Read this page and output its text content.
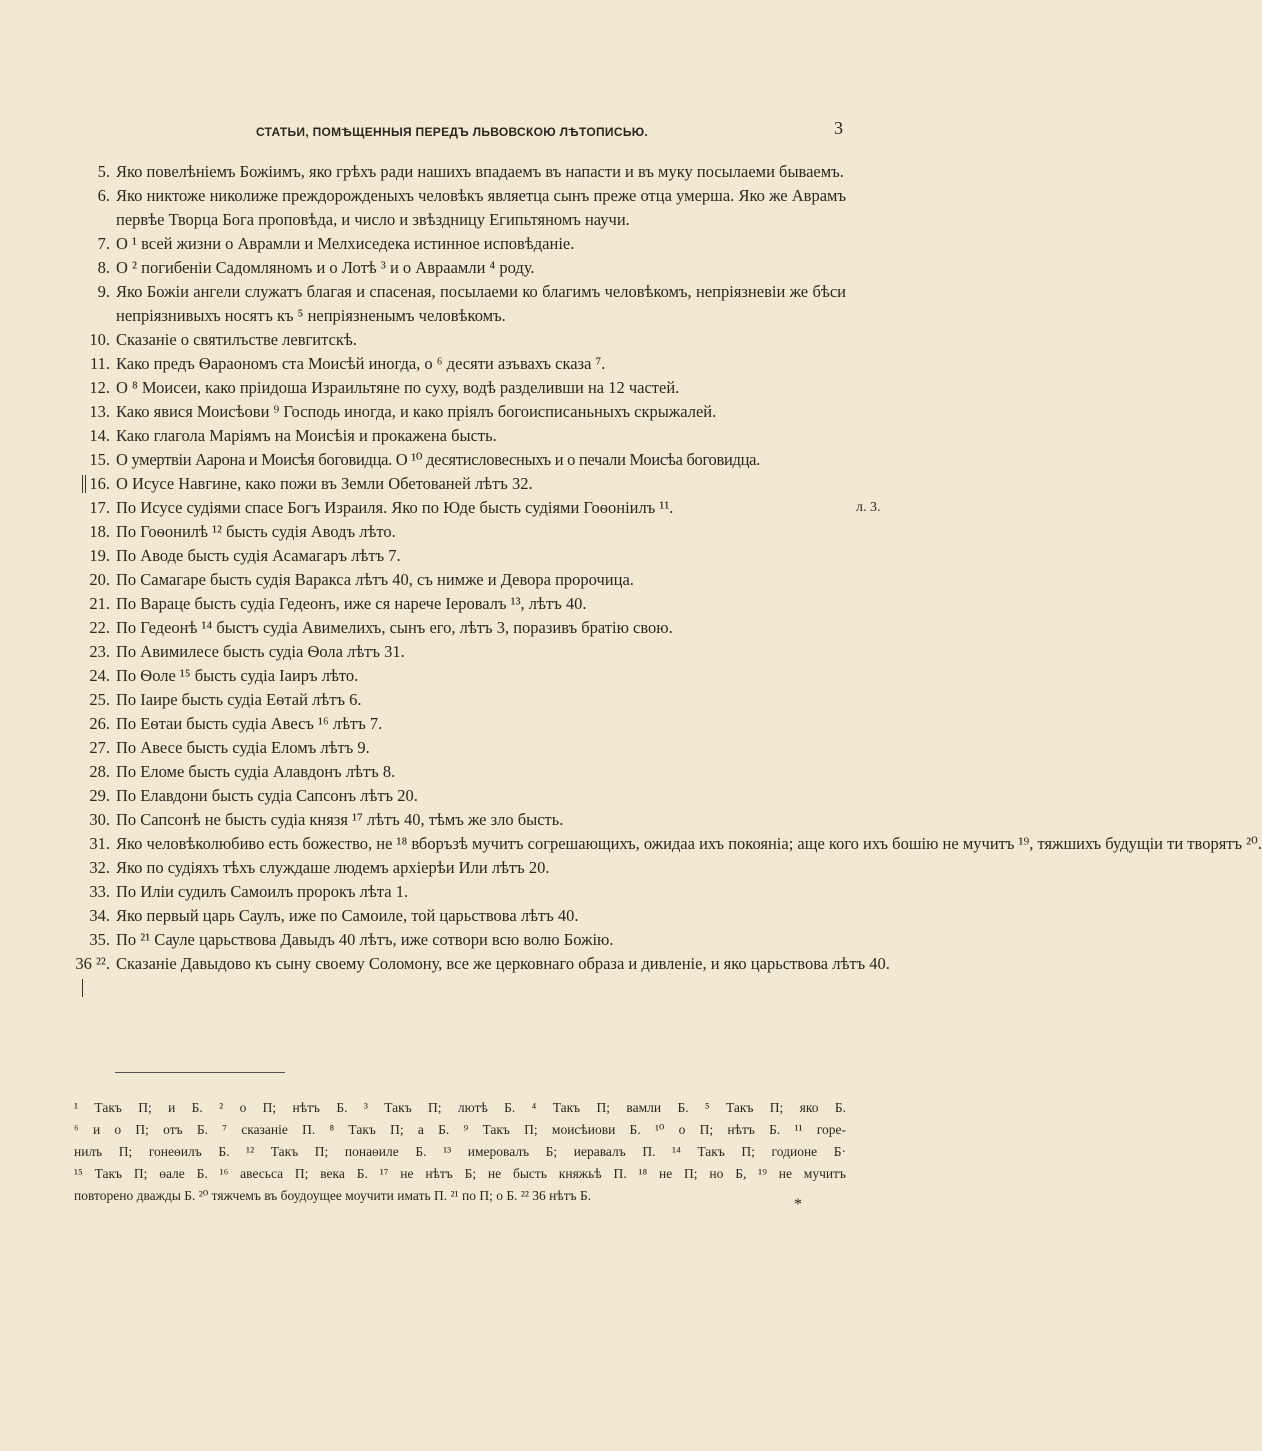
СТАТЬИ, ПОМѢЩЕННЫЯ ПЕРЕДЪ ЛЬВОВСКОЮ ЛѢТОПИСЬЮ.	3
5. Яко повелѣніемъ Божіимъ, яко грѣхъ ради нашихъ впадаемъ въ напасти и въ муку посылаеми бываемъ.
6. Яко никтоже николиже преждорожденыхъ человѣкъ являетца сынъ преже отца умерша. Яко же Аврамъ первѣе Творца Бога проповѣда, и число и звѣздницу Египьтяномъ научи.
7. О ¹ всей жизни о Аврамли и Мелхиседека истинное исповѣданіе.
8. О ² погибеніи Садомляномъ и о Лотѣ ³ и о Авраамли ⁴ роду.
9. Яко Божіи ангели служатъ благая и спасеная, посылаеми ко благимъ человѣкомъ, непріязневіи же бѣси непріязнивыхъ носятъ къ ⁵ непріязненымъ человѣкомъ.
10. Сказаніе о святилъстве левгитскѣ.
11. Како предъ Ѳараономъ ста Моисѣй иногда, о ⁶ десяти азъвахъ сказа ⁷.
12. О ⁸ Моисеи, како пріидоша Израильтяне по суху, водѣ разделивши на 12 частей.
13. Како явися Моисѣови ⁹ Господь иногда, и како пріялъ богоисписаньныхъ скрыжалей.
14. Како глагола Маріямъ на Моисѣія и прокажена бысть.
15. О умертвіи Аарона и Моисѣя боговидца. О ¹⁰ десятисловесныхъ и о печали Моисѣа боговидца.
16. О Исусе Навгине, како пожи въ Земли Обетованей лѣтъ 32.
17. По Исусе судіями спасе Богъ Израиля. Яко по Юде бысть судіями Гоѳоніилъ ¹¹.	л. 3.
18. По Гоѳонилѣ ¹² бысть судія Аводъ лѣто.
19. По Аводе бысть судія Асамагаръ лѣтъ 7.
20. По Самагаре бысть судія Варакса лѣтъ 40, съ нимже и Девора пророчица.
21. По Вараце бысть судіа Гедеонъ, иже ся нарече Іеровалъ ¹³, лѣтъ 40.
22. По Гедеонѣ ¹⁴ быстъ судіа Авимелихъ, сынъ его, лѣтъ 3, поразивъ братію свою.
23. По Авимилесе бысть судіа Ѳола лѣтъ 31.
24. По Ѳоле ¹⁵ бысть судіа Іаиръ лѣто.
25. По Іаире бысть судіа Еѳтай лѣтъ 6.
26. По Еѳтаи бысть судіа Авесъ ¹⁶ лѣтъ 7.
27. По Авесе бысть судіа Еломъ лѣтъ 9.
28. По Еломе бысть судіа Алавдонъ лѣтъ 8.
29. По Елавдони бысть судіа Сапсонъ лѣтъ 20.
30. По Сапсонѣ не бысть судіа князя ¹⁷ лѣтъ 40, тѣмъ же зло бысть.
31. Яко человѣколюбиво есть божество, не ¹⁸ вборъзѣ мучитъ согрешающихъ, ожидаа ихъ покояніа; аще кого ихъ бошію не мучитъ ¹⁹, тяжшихъ будущіи ти творятъ ²⁰.
32. Яко по судіяхъ тѣхъ служдаше людемъ архіерѣи Или лѣтъ 20.
33. По Иліи судилъ Самоилъ пророкъ лѣта 1.
34. Яко первый царь Саулъ, иже по Самоиле, той царьствова лѣтъ 40.
35. По ²¹ Сауле царьствова Давыдъ 40 лѣтъ, иже сотвори всю волю Божію.
36 ²². Сказаніе Давыдово къ сыну своему Соломону, все же церковнаго образа и дивленіе, и яко царьствова лѣтъ 40.
¹ Такъ П; и Б. ² о П; нѣтъ Б. ³ Такъ П; лютѣ Б. ⁴ Такъ П; вамли Б. ⁵ Такъ П; яко Б.
⁶ и о П; отъ Б. ⁷ сказаніе П. ⁸ Такъ П; а Б. ⁹ Такъ П; моисѣиови Б. ¹⁰ о П; нѣтъ Б. ¹¹ горе-
нилъ П; гонеѳилъ Б. ¹² Такъ П; понаѳиле Б. ¹³ имеровалъ Б; иеравалъ П. ¹⁴ Такъ П; годионе Б·
¹⁵ Такъ П; ѳале Б. ¹⁶ авесьса П; века Б. ¹⁷ не нѣтъ Б; не бысть княжьѣ П. ¹⁸ не П; но Б, ¹⁹ не мучитъ
повторено дважды Б. ²⁰ тяжчемъ въ боудоущее моучити имать П. ²¹ по П; о Б. ²² 36 нѣтъ Б.
*
